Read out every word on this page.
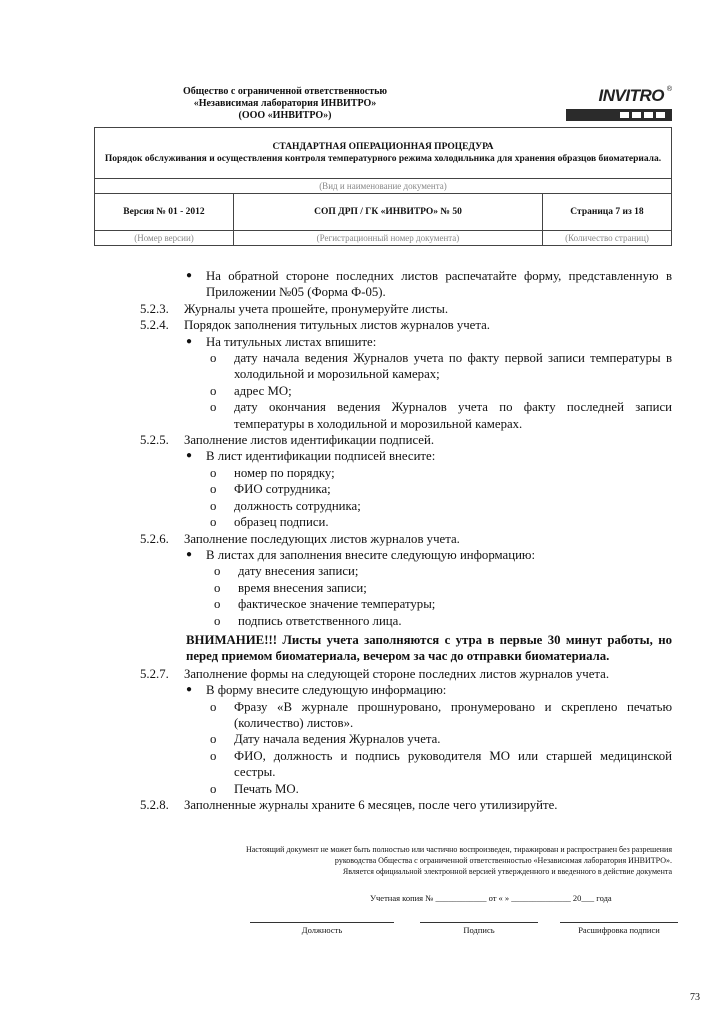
Общество с ограниченной ответственностью
«Независимая лаборатория ИНВИТРО»
(ООО «ИНВИТРО»)
INVITRO ®
СТАНДАРТНАЯ ОПЕРАЦИОННАЯ ПРОЦЕДУРА
Порядок обслуживания и осуществления контроля температурного режима холодильника для хранения образцов биоматериала.		

(Вид и наименование документа)		
Версия № 01 - 2012	СОП ДРП / ГК «ИНВИТРО» № 50	Страница 7 из 18
(Номер версии)	(Регистрационный номер документа)	(Количество страниц)
● На обратной стороне последних листов распечатайте форму, представленную в Приложении №05 (Форма Ф-05).
5.2.3.	Журналы учета прошейте, пронумеруйте листы.
5.2.4.	Порядок заполнения титульных листов журналов учета.
● На титульных листах впишите:
o дату начала ведения Журналов учета по факту первой записи температуры в холодильной и морозильной камерах;
o адрес МО;
o дату окончания ведения Журналов учета по факту последней записи температуры в холодильной и морозильной камерах.
5.2.5.	Заполнение листов идентификации подписей.
● В лист идентификации подписей внесите:
o номер по порядку;
o ФИО сотрудника;
o должность сотрудника;
o образец подписи.
5.2.6.	Заполнение последующих листов журналов учета.
● В листах для заполнения внесите следующую информацию:
o дату внесения записи;
o время внесения записи;
o фактическое значение температуры;
o подпись ответственного лица.
ВНИМАНИЕ!!! Листы учета заполняются с утра в первые 30 минут работы, но перед приемом биоматериала, вечером за час до отправки биоматериала.
5.2.7.	Заполнение формы на следующей стороне последних листов журналов учета.
● В форму внесите следующую информацию:
o Фразу «В журнале прошнуровано, пронумеровано и скреплено печатью (количество) листов».
o Дату начала ведения Журналов учета.
o ФИО, должность и подпись руководителя МО или старшей медицинской сестры.
o Печать МО.
5.2.8.	Заполненные журналы храните 6 месяцев, после чего утилизируйте.
Настоящий документ не может быть полностью или частично воспроизведен, тиражирован и распространен без разрешения
руководства Общества с ограниченной ответственностью «Независимая лаборатория ИНВИТРО».
Является официальной электронной версией утвержденного и введенного в действие документа
Учетная копия № ____________ от « » ______________ 20___ года
Должность	Подпись	Расшифровка подписи
73
